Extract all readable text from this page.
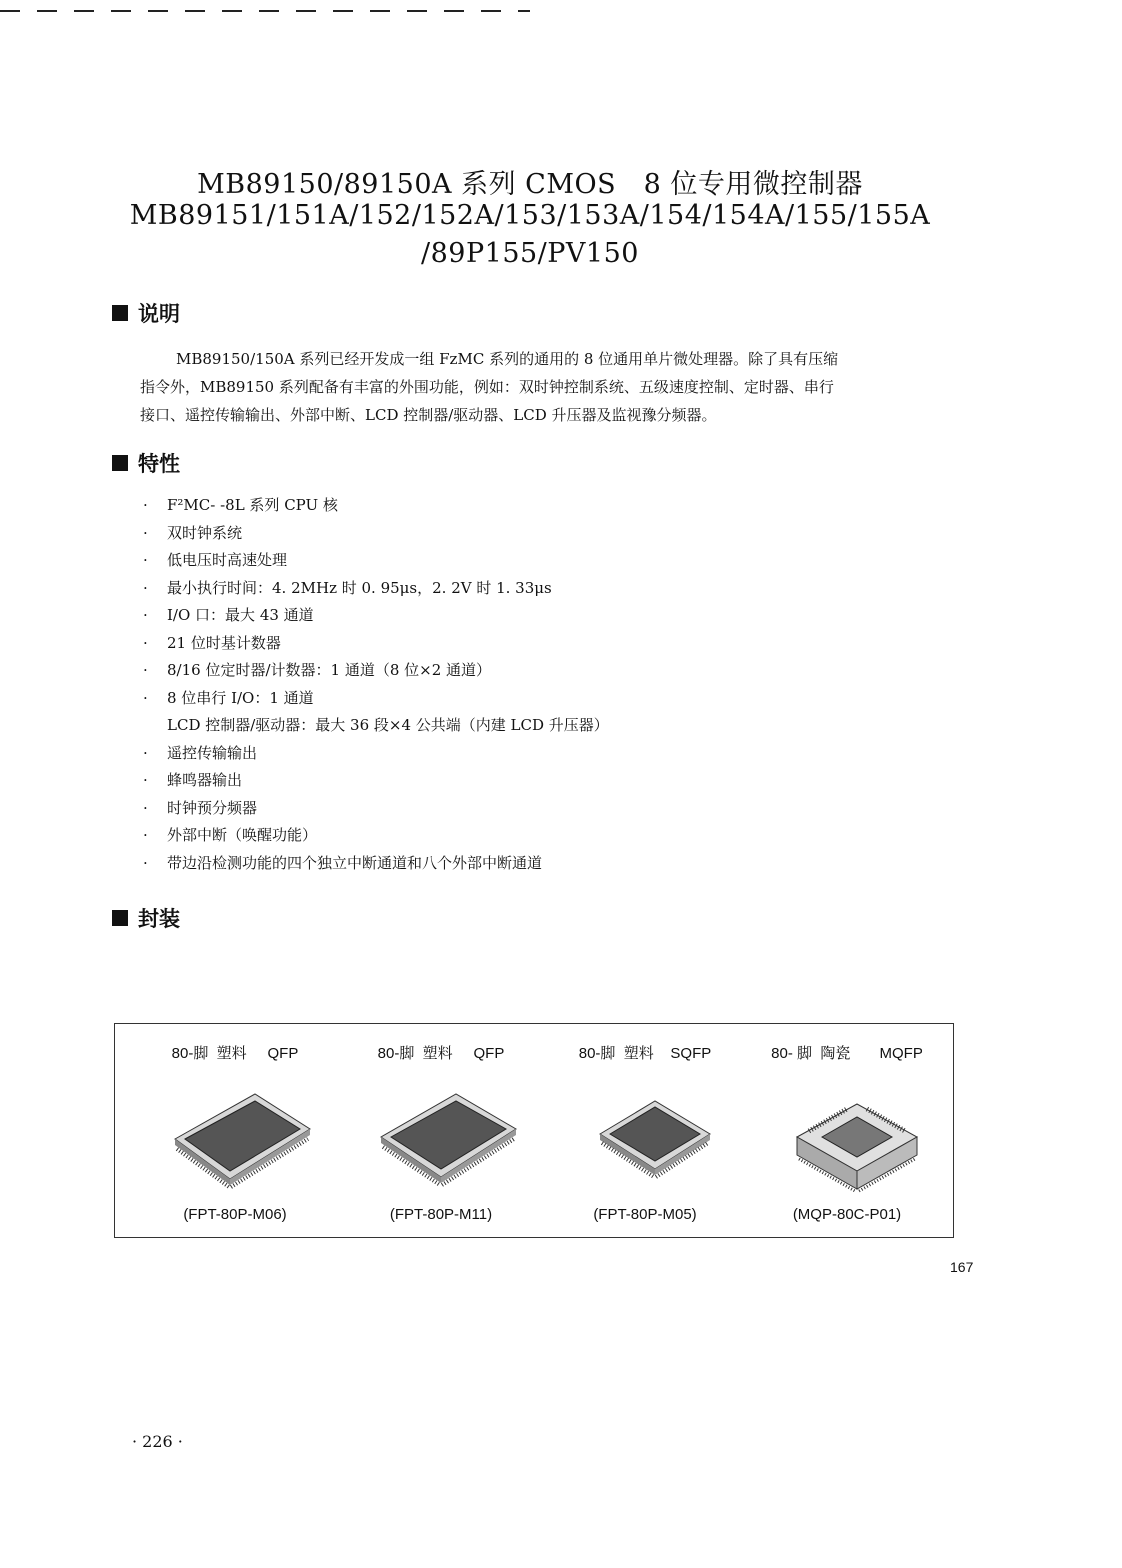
MB89150/89150A 系列 CMOS　8 位专用微控制器
MB89151/151A/152/152A/153/153A/154/154A/155/155A
/89P155/PV150
说明
MB89150/150A 系列已经开发成一组 FzMC 系列的通用的 8 位通用单片微处理器。除了具有压缩
指令外，MB89150 系列配备有丰富的外围功能，例如：双时钟控制系统、五级速度控制、定时器、串行
接口、遥控传输输出、外部中断、LCD 控制器/驱动器、LCD 升压器及监视豫分频器。
特性
· F²MC- -8L 系列 CPU 核
· 双时钟系统
· 低电压时高速处理
· 最小执行时间：4. 2MHz 时 0. 95μs，2. 2V 时 1. 33μs
· I/O 口：最大 43 通道
· 21 位时基计数器
· 8/16 位定时器/计数器：1 通道（8 位×2 通道）
· 8 位串行 I/O：1 通道
LCD 控制器/驱动器：最大 36 段×4 公共端（内建 LCD 升压器）
· 遥控传输输出
· 蜂鸣器输出
· 时钟预分频器
· 外部中断（唤醒功能）
· 带边沿检测功能的四个独立中断通道和八个外部中断通道
封装
80-脚  塑料     QFP
(FPT-80P-M06)
80-脚  塑料     QFP
(FPT-80P-M11)
80-脚  塑料    SQFP
(FPT-80P-M05)
80- 脚  陶瓷       MQFP
(MQP-80C-P01)
167
· 226 ·
